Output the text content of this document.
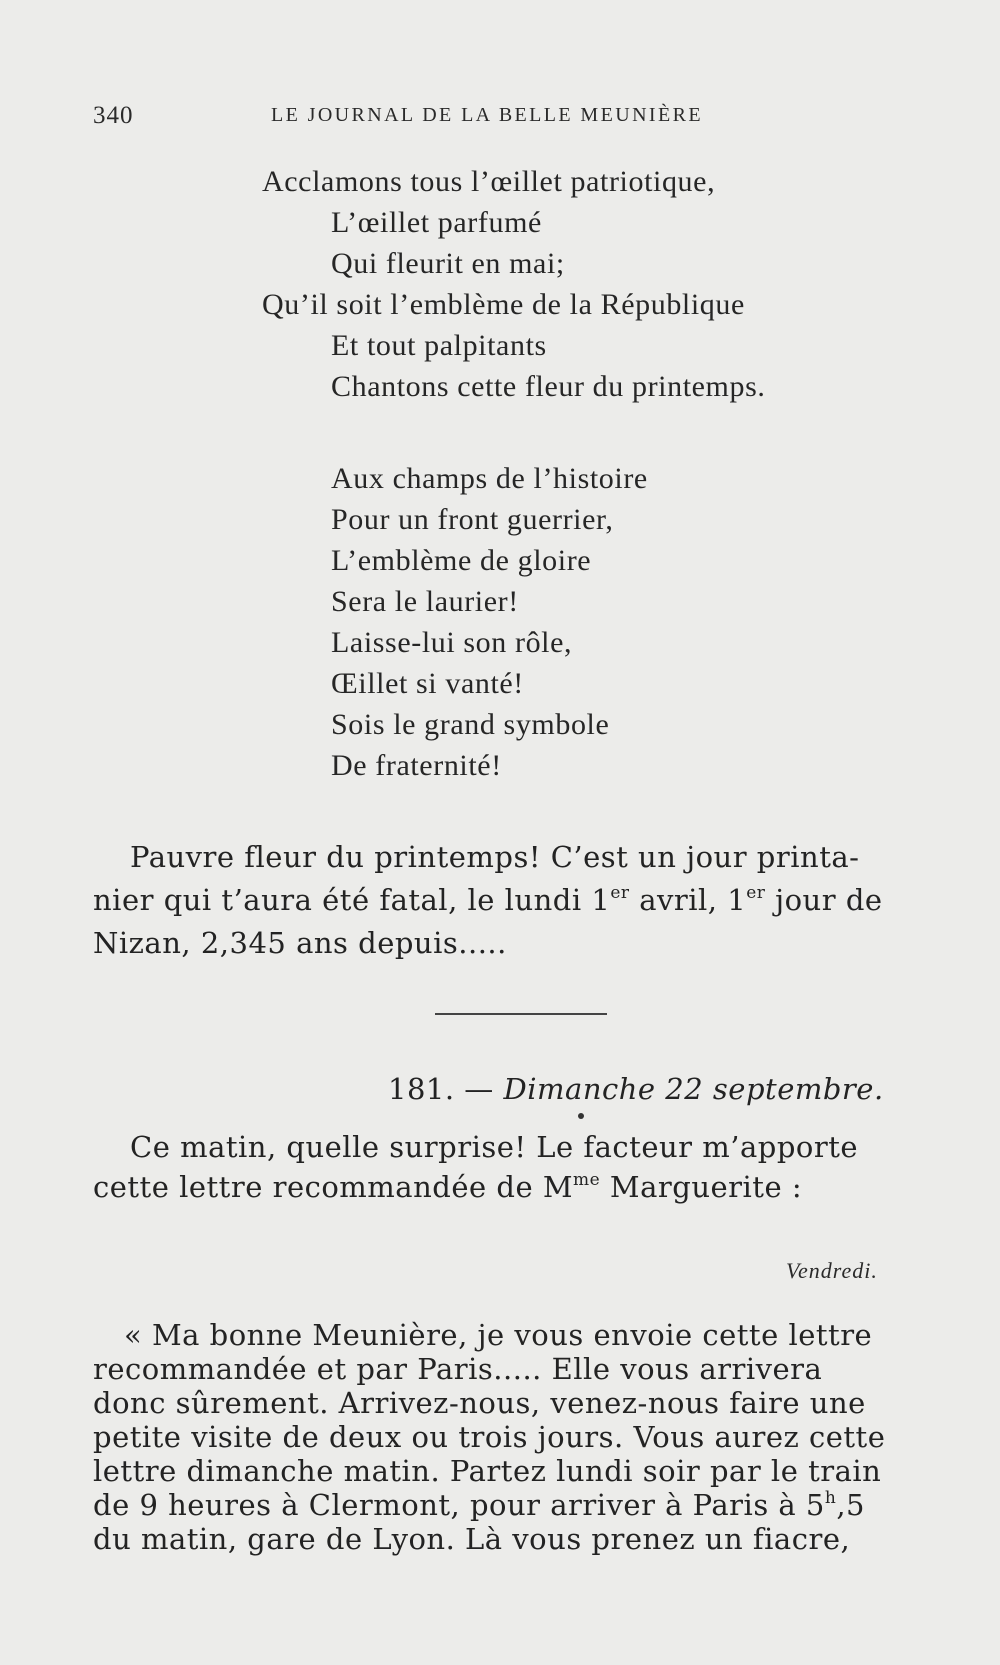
340	LE JOURNAL DE LA BELLE MEUNIÈRE
Acclamons tous l’œillet patriotique,
L’œillet parfumé
Qui fleurit en mai;
Qu’il soit l’emblème de la République
Et tout palpitants
Chantons cette fleur du printemps.
Aux champs de l’histoire
Pour un front guerrier,
L’emblème de gloire
Sera le laurier!
Laisse-lui son rôle,
Œillet si vanté!
Sois le grand symbole
De fraternité!
Pauvre fleur du printemps! C’est un jour printa-
nier qui t’aura été fatal, le lundi 1er avril, 1er jour de
Nizan, 2,345 ans depuis.....
181. — Dimanche 22 septembre.
Ce matin, quelle surprise! Le facteur m’apporte
cette lettre recommandée de $M^{me}$ Marguerite :
Vendredi.
« Ma bonne Meunière, je vous envoie cette lettre
recommandée et par Paris..... Elle vous arrivera
donc sûrement. Arrivez-nous, venez-nous faire une
petite visite de deux ou trois jours. Vous aurez cette
lettre dimanche matin. Partez lundi soir par le train
de 9 heures à Clermont, pour arriver à Paris à 5$^h$,5
du matin, gare de Lyon. Là vous prenez un fiacre,
